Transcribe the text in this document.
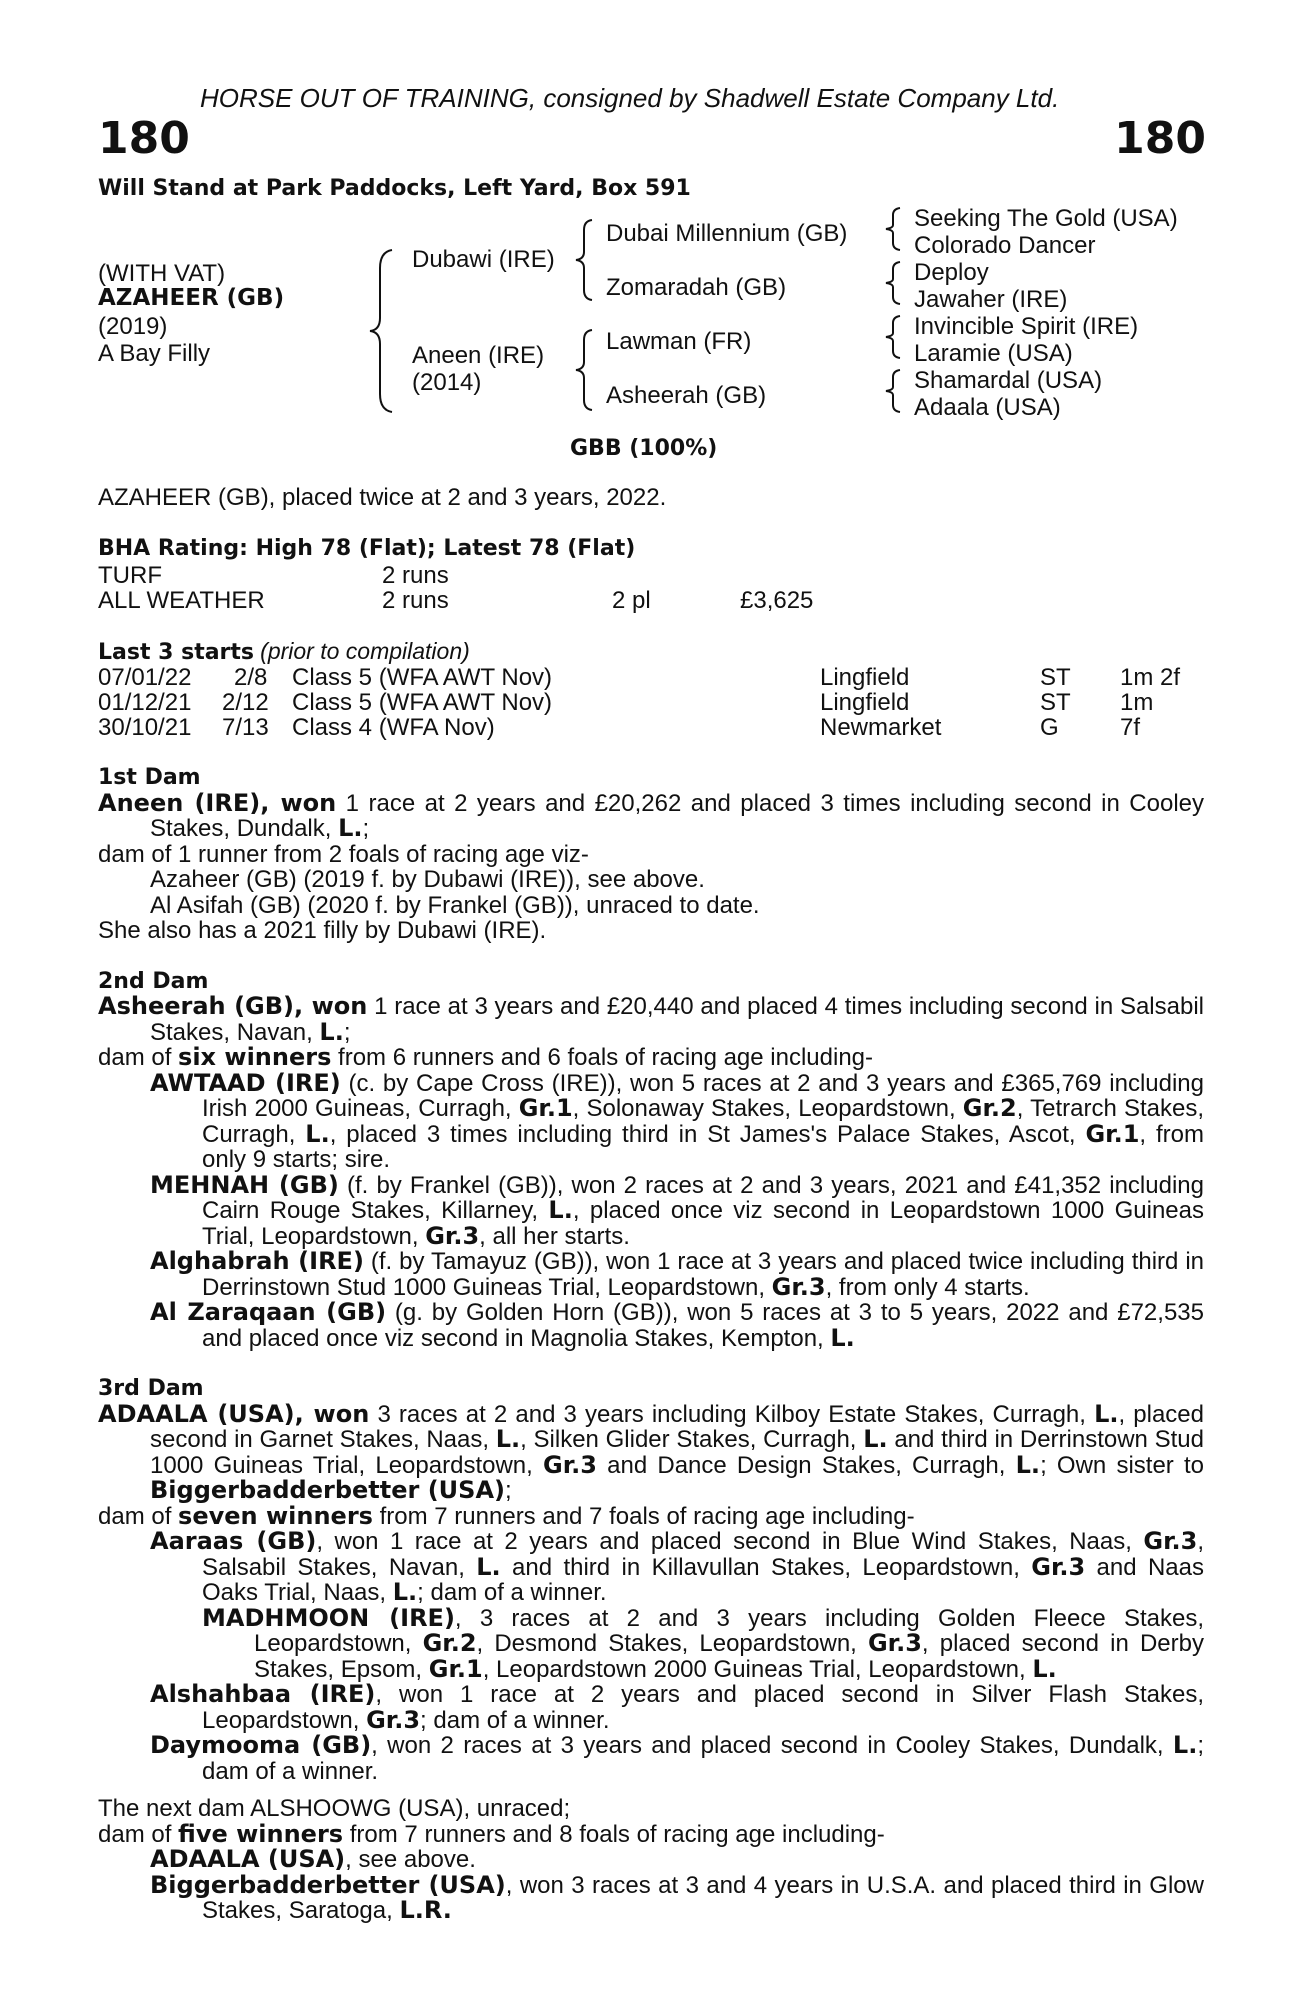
HORSE OUT OF TRAINING, consigned by Shadwell Estate Company Ltd.
180	180
Will Stand at Park Paddocks, Left Yard, Box 591
(WITH VAT)
AZAHEER (GB)
(2019)
A Bay Filly
Dubawi (IRE)
Aneen (IRE)
(2014)
Dubai Millennium (GB)
Zomaradah (GB)
Lawman (FR)
Asheerah (GB)
Seeking The Gold (USA)
Colorado Dancer
Deploy
Jawaher (IRE)
Invincible Spirit (IRE)
Laramie (USA)
Shamardal (USA)
Adaala (USA)
GBB (100%)
AZAHEER (GB), placed twice at 2 and 3 years, 2022.
BHA Rating: High 78 (Flat); Latest 78 (Flat)
TURF	2 runs
ALL WEATHER	2 runs	2 pl	£3,625
Last 3 starts (prior to compilation)
07/01/22 2/8 Class 5 (WFA AWT Nov)	Lingfield	ST 1m 2f
01/12/21 2/12 Class 5 (WFA AWT Nov)	Lingfield	ST 1m
30/10/21 7/13 Class 4 (WFA Nov)	Newmarket	G	7f

1st Dam

Aneen (IRE), won 1 race at 2 years and £20,262 and placed 3 times including second in Cooley Stakes, Dundalk, L.;

dam of 1 runner from 2 foals of racing age viz-

Azaheer (GB) (2019 f. by Dubawi (IRE)), see above.

Al Asifah (GB) (2020 f. by Frankel (GB)), unraced to date.

She also has a 2021 filly by Dubawi (IRE).

2nd Dam

Asheerah (GB), won 1 race at 3 years and £20,440 and placed 4 times including second in Salsabil Stakes, Navan, L.;

dam of six winners from 6 runners and 6 foals of racing age including-

AWTAAD (IRE) (c. by Cape Cross (IRE)), won 5 races at 2 and 3 years and £365,769 including Irish 2000 Guineas, Curragh, Gr.1, Solonaway Stakes, Leopardstown, Gr.2, Tetrarch Stakes, Curragh, L., placed 3 times including third in St James's Palace Stakes, Ascot, Gr.1, from only 9 starts; sire.

MEHNAH (GB) (f. by Frankel (GB)), won 2 races at 2 and 3 years, 2021 and £41,352 including Cairn Rouge Stakes, Killarney, L., placed once viz second in Leopardstown 1000 Guineas Trial, Leopardstown, Gr.3, all her starts.

Alghabrah (IRE) (f. by Tamayuz (GB)), won 1 race at 3 years and placed twice including third in Derrinstown Stud 1000 Guineas Trial, Leopardstown, Gr.3, from only 4 starts.

Al Zaraqaan (GB) (g. by Golden Horn (GB)), won 5 races at 3 to 5 years, 2022 and £72,535 and placed once viz second in Magnolia Stakes, Kempton, L.

3rd Dam

ADAALA (USA), won 3 races at 2 and 3 years including Kilboy Estate Stakes, Curragh, L., placed second in Garnet Stakes, Naas, L., Silken Glider Stakes, Curragh, L. and third in Derrinstown Stud 1000 Guineas Trial, Leopardstown, Gr.3 and Dance Design Stakes, Curragh, L.; Own sister to Biggerbadderbetter (USA);

dam of seven winners from 7 runners and 7 foals of racing age including-

Aaraas (GB), won 1 race at 2 years and placed second in Blue Wind Stakes, Naas, Gr.3, Salsabil Stakes, Navan, L. and third in Killavullan Stakes, Leopardstown, Gr.3 and Naas Oaks Trial, Naas, L.; dam of a winner.

MADHMOON (IRE), 3 races at 2 and 3 years including Golden Fleece Stakes, Leopardstown, Gr.2, Desmond Stakes, Leopardstown, Gr.3, placed second in Derby Stakes, Epsom, Gr.1, Leopardstown 2000 Guineas Trial, Leopardstown, L.

Alshahbaa (IRE), won 1 race at 2 years and placed second in Silver Flash Stakes, Leopardstown, Gr.3; dam of a winner.

Daymooma (GB), won 2 races at 3 years and placed second in Cooley Stakes, Dundalk, L.; dam of a winner.

The next dam ALSHOOWG (USA), unraced;

dam of five winners from 7 runners and 8 foals of racing age including-

ADAALA (USA), see above.

Biggerbadderbetter (USA), won 3 races at 3 and 4 years in U.S.A. and placed third in Glow Stakes, Saratoga, L.R.
